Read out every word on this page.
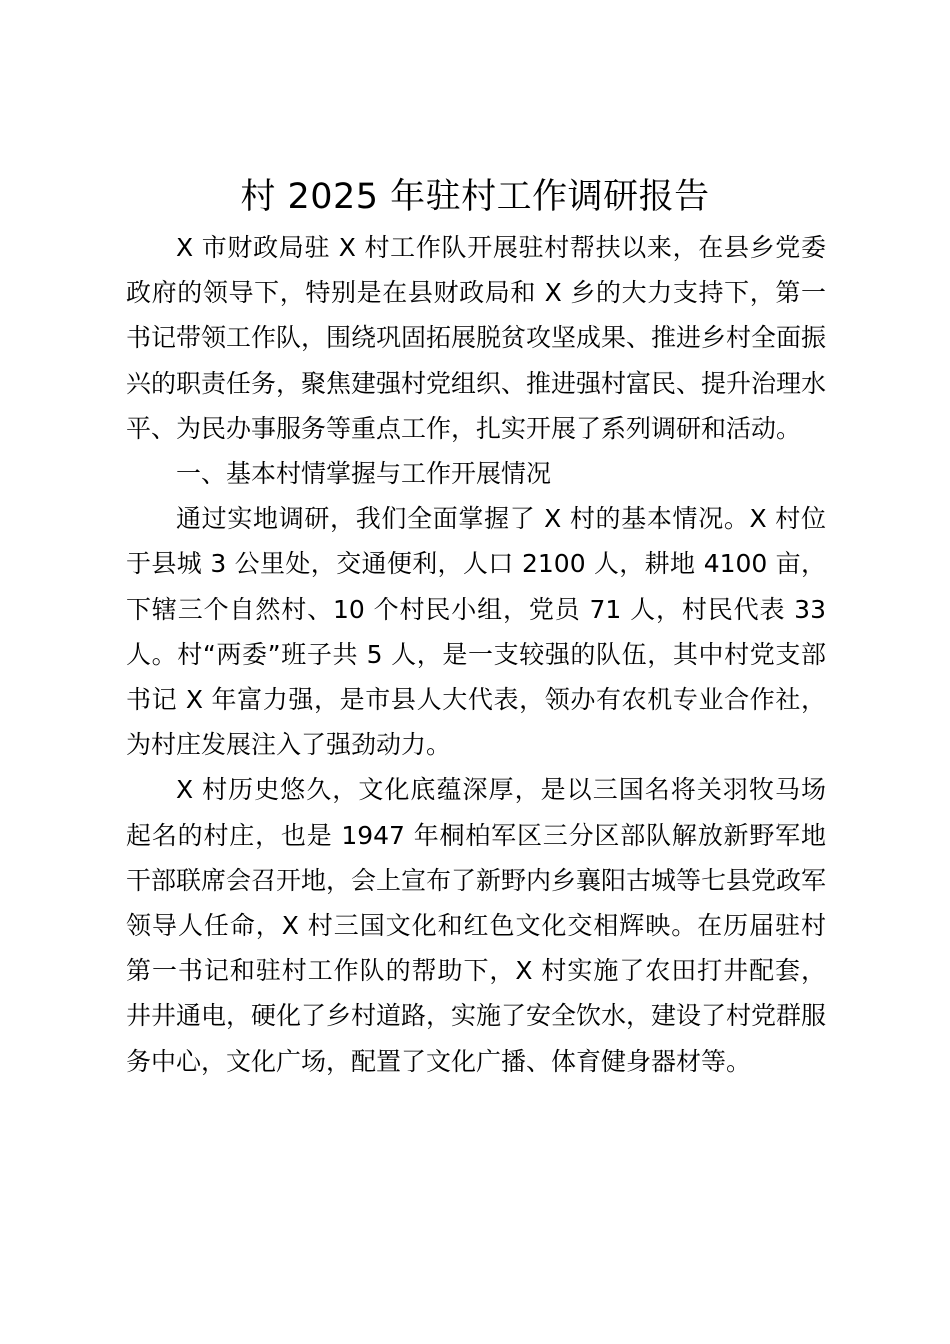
村 2025 年驻村工作调研报告

X 市财政局驻 X 村工作队开展驻村帮扶以来，在县乡党委政府的领导下，特别是在县财政局和 X 乡的大力支持下，第一书记带领工作队，围绕巩固拓展脱贫攻坚成果、推进乡村全面振兴的职责任务，聚焦建强村党组织、推进强村富民、提升治理水平、为民办事服务等重点工作，扎实开展了系列调研和活动。

一、基本村情掌握与工作开展情况

通过实地调研，我们全面掌握了 X 村的基本情况。X 村位于县城 3 公里处，交通便利，人口 2100 人，耕地 4100 亩，下辖三个自然村、10 个村民小组，党员 71 人，村民代表 33 人。村“两委”班子共 5 人，是一支较强的队伍，其中村党支部书记 X 年富力强，是市县人大代表，领办有农机专业合作社，为村庄发展注入了强劲动力。

X 村历史悠久，文化底蕴深厚，是以三国名将关羽牧马场起名的村庄，也是 1947 年桐柏军区三分区部队解放新野军地干部联席会召开地，会上宣布了新野内乡襄阳古城等七县党政军领导人任命，X 村三国文化和红色文化交相辉映。在历届驻村第一书记和驻村工作队的帮助下，X 村实施了农田打井配套，井井通电，硬化了乡村道路，实施了安全饮水，建设了村党群服务中心，文化广场，配置了文化广播、体育健身器材等。
